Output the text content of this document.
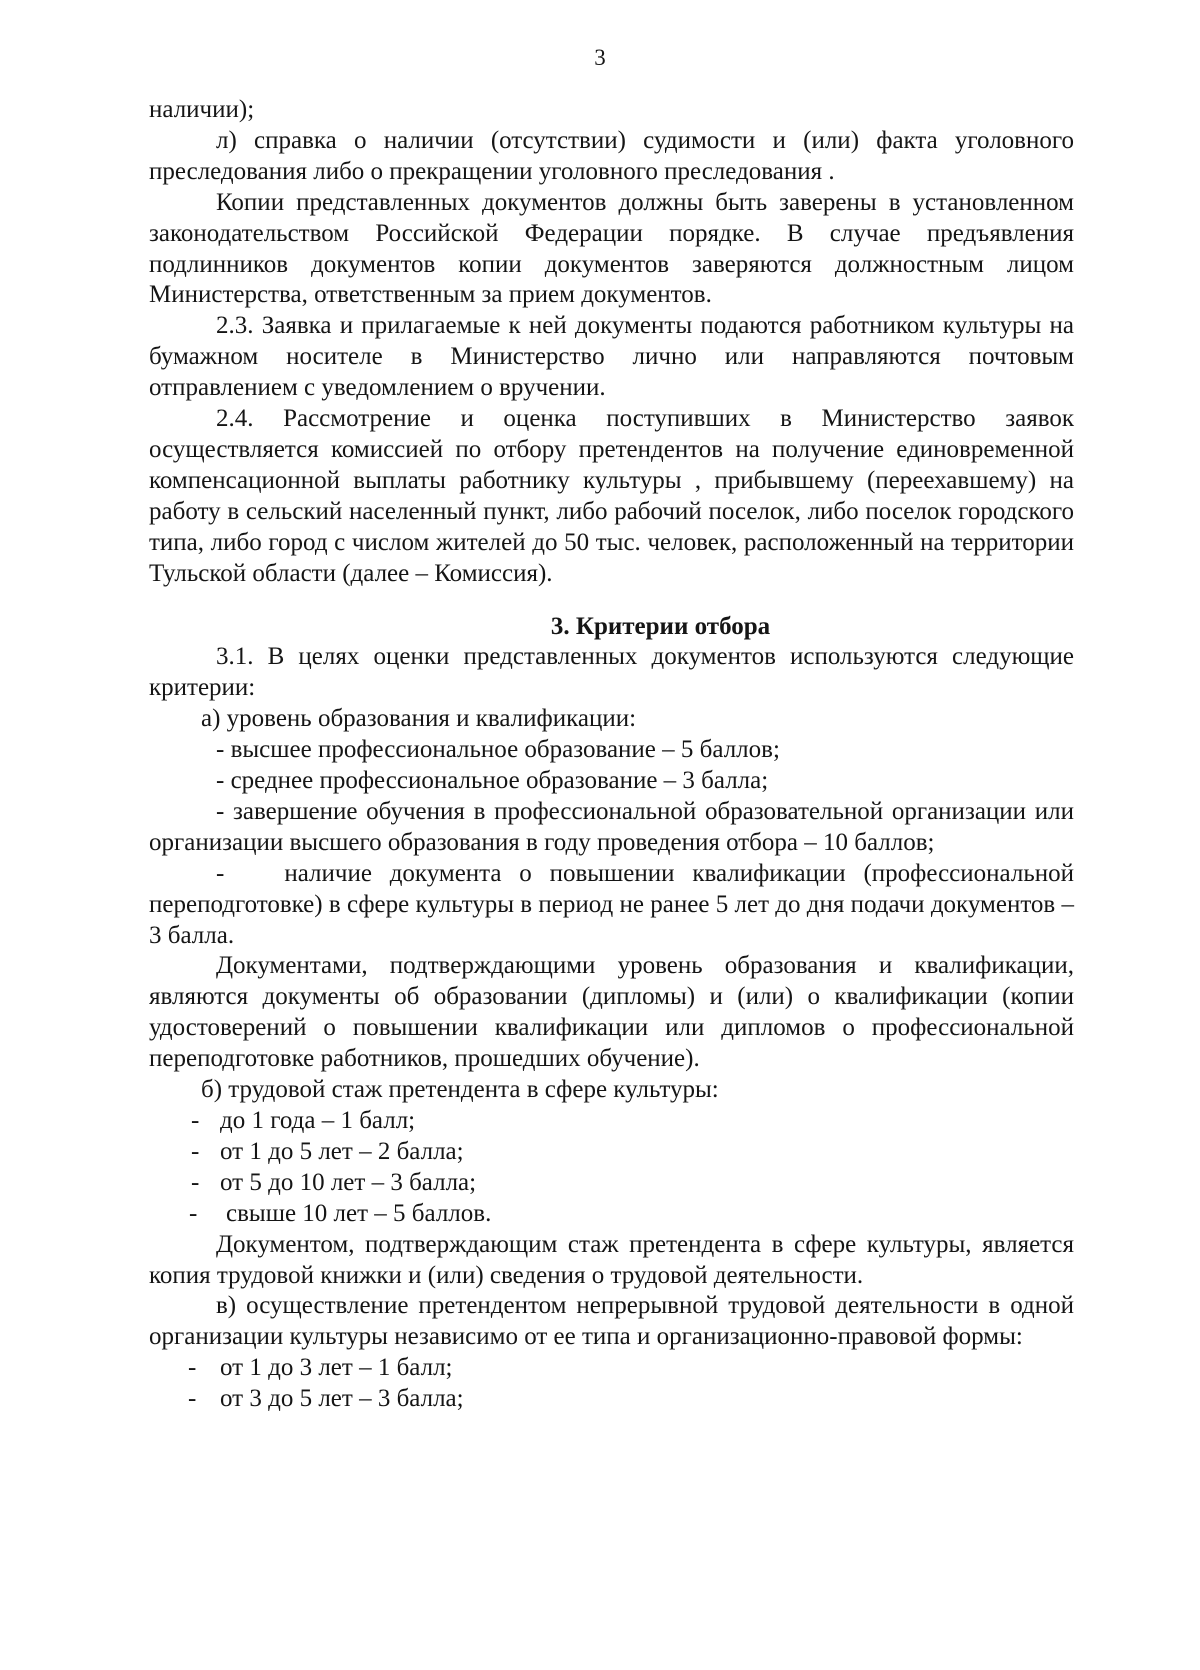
3

наличии);

л) справка о наличии (отсутствии) судимости и (или) факта уголовного преследования либо о прекращении уголовного преследования .

Копии представленных документов должны быть заверены в установленном законодательством Российской Федерации порядке. В случае предъявления подлинников документов копии документов заверяются должностным лицом Министерства, ответственным за прием документов.

2.3. Заявка и прилагаемые к ней документы подаются работником культуры на бумажном носителе в Министерство лично или направляются почтовым отправлением с уведомлением о вручении.

2.4. Рассмотрение и оценка поступивших в Министерство заявок осуществляется комиссией по отбору претендентов на получение единовременной компенсационной выплаты работнику культуры , прибывшему (переехавшему) на работу в сельский населенный пункт, либо рабочий поселок, либо поселок городского типа, либо город с числом жителей до 50 тыс. человек, расположенный на территории Тульской области (далее – Комиссия).

3. Критерии отбора

3.1. В целях оценки представленных документов используются следующие критерии:

а) уровень образования и квалификации:

- высшее профессиональное образование – 5 баллов;

- среднее профессиональное образование – 3 балла;

- завершение обучения в профессиональной образовательной организации или организации высшего образования в году проведения отбора – 10 баллов;

- наличие документа о повышении квалификации (профессиональной переподготовке) в сфере культуры в период не ранее 5 лет до дня подачи документов – 3 балла.

Документами, подтверждающими уровень образования и квалификации, являются документы об образовании (дипломы) и (или) о квалификации (копии удостоверений о повышении квалификации или дипломов о профессиональной переподготовке работников, прошедших обучение).

б) трудовой стаж претендента в сфере культуры:

- до 1 года – 1 балл;
- от 1 до 5 лет – 2 балла;
- от 5 до 10 лет – 3 балла;
-	свыше 10 лет – 5 баллов.

Документом, подтверждающим стаж претендента в сфере культуры, является копия трудовой книжки и (или) сведения о трудовой деятельности.

в) осуществление претендентом непрерывной трудовой деятельности в одной организации культуры независимо от ее типа и организационно-правовой формы:

- от 1 до 3 лет – 1 балл;
- от 3 до 5 лет – 3 балла;
